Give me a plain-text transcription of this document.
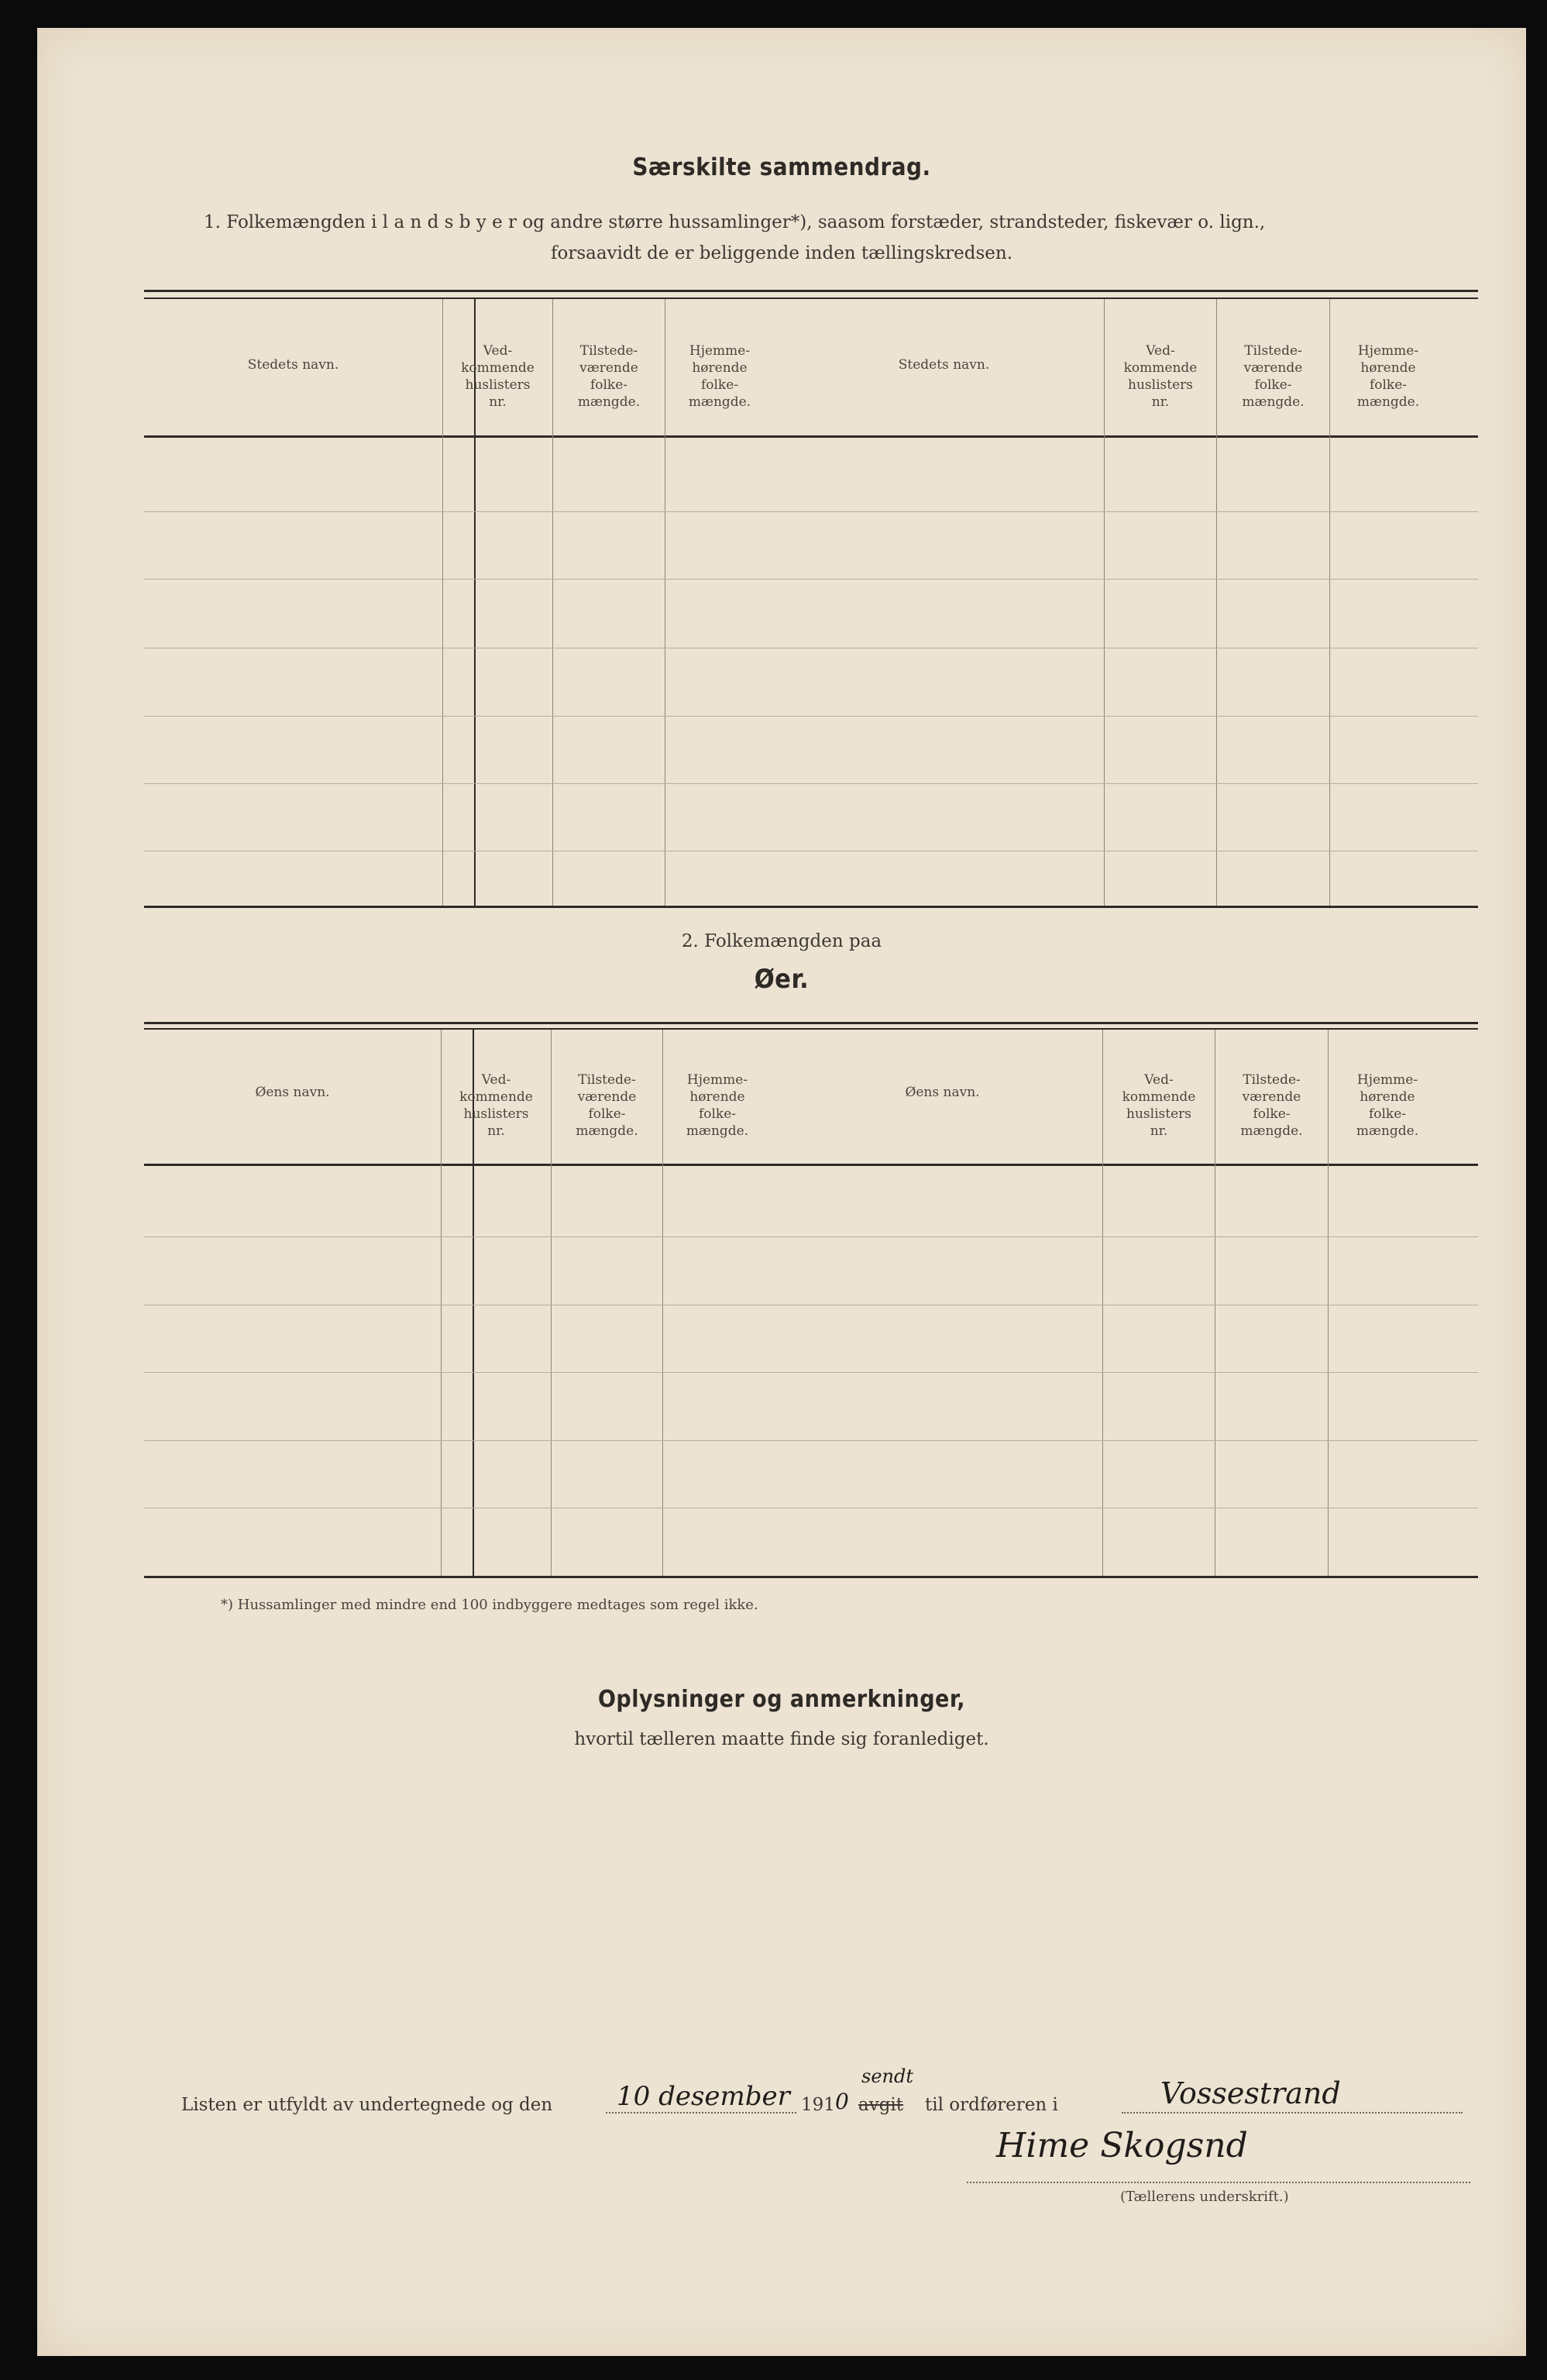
Særskilte sammendrag.
1. Folkemængden i l a n d s b y e r og andre større hussamlinger*), saasom forstæder, strandsteder, fiskevær o. lign.,
forsaavidt de er beliggende inden tællingskredsen.
Stedets navn.
Ved-
kommende
huslisters
nr.
Tilstede-
værende
folke-
mængde.
Hjemme-
hørende
folke-
mængde.
Stedets navn.
Ved-
kommende
huslisters
nr.
Tilstede-
værende
folke-
mængde.
Hjemme-
hørende
folke-
mængde.
2. Folkemængden paa
Øer.
Øens navn.
Ved-
kommende
huslisters
nr.
Tilstede-
værende
folke-
mængde.
Hjemme-
hørende
folke-
mængde.
Øens navn.
Ved-
kommende
huslisters
nr.
Tilstede-
værende
folke-
mængde.
Hjemme-
hørende
folke-
mængde.
*) Hussamlinger med mindre end 100 indbyggere medtages som regel ikke.
Oplysninger og anmerkninger,
hvortil tælleren maatte finde sig foranlediget.
Listen er utfyldt av undertegnede og den 10 desember 191 0
sendt
avgit til ordføreren i	Vossestrand
Hime Skogsnd
(Tællerens underskrift.)
